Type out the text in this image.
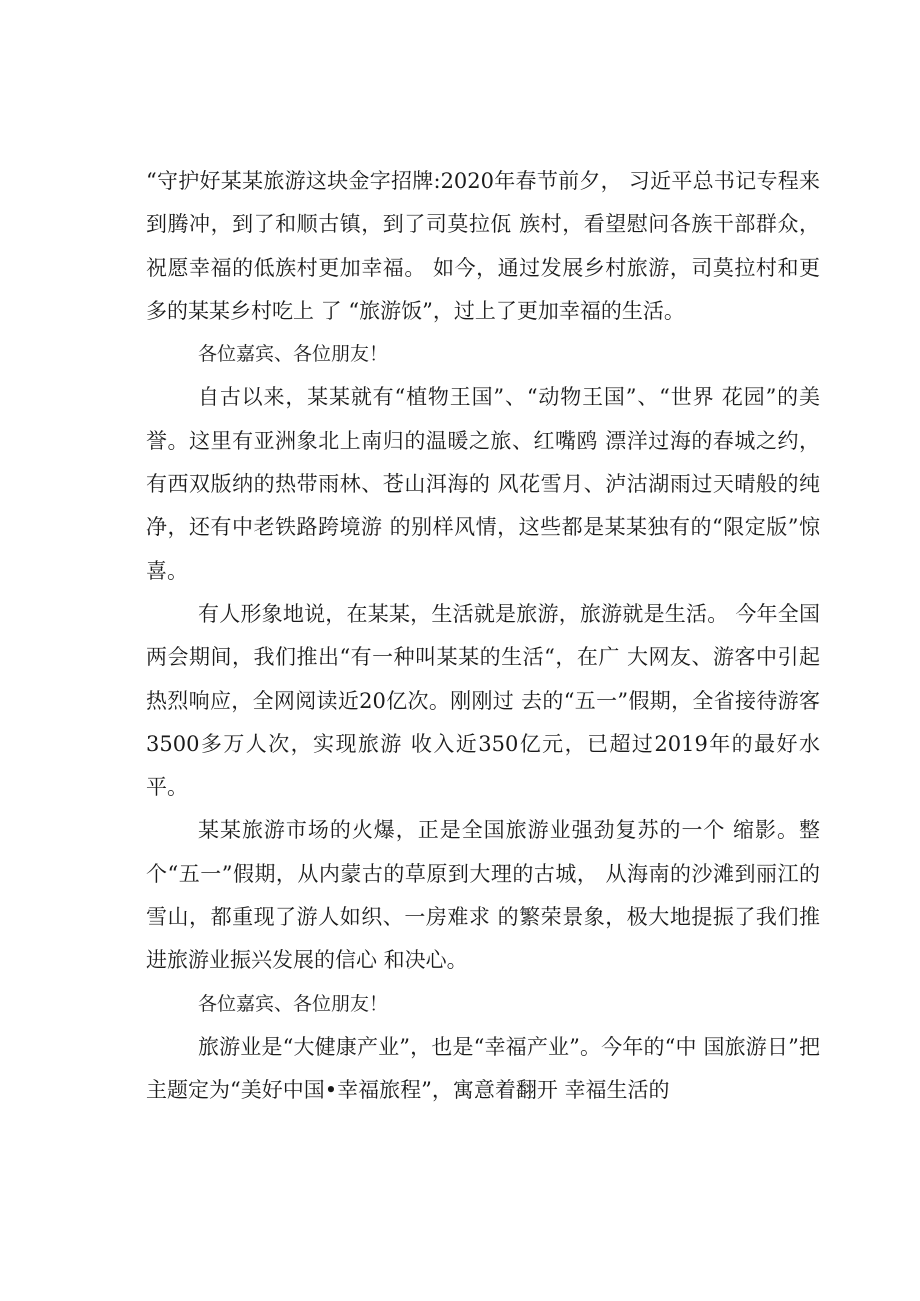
“守护好某某旅游这块金字招牌:2020年春节前夕， 习近平总书记专程来到腾冲，到了和顺古镇，到了司莫拉佤 族村，看望慰问各族干部群众，祝愿幸福的低族村更加幸福。 如今，通过发展乡村旅游，司莫拉村和更多的某某乡村吃上 了 “旅游饭”，过上了更加幸福的生活。

各位嘉宾、各位朋友！

自古以来，某某就有“植物王国”、“动物王国”、“世界 花园”的美誉。这里有亚洲象北上南归的温暖之旅、红嘴鸥 漂洋过海的春城之约，有西双版纳的热带雨林、苍山洱海的 风花雪月、泸沽湖雨过天晴般的纯净，还有中老铁路跨境游 的别样风情，这些都是某某独有的“限定版”惊喜。

有人形象地说，在某某，生活就是旅游，旅游就是生活。 今年全国两会期间，我们推出“有一种叫某某的生活“，在广 大网友、游客中引起热烈响应，全网阅读近20亿次。刚刚过 去的“五一”假期，全省接待游客3500多万人次，实现旅游 收入近350亿元，已超过2019年的最好水平。

某某旅游市场的火爆，正是全国旅游业强劲复苏的一个 缩影。整个“五一”假期，从内蒙古的草原到大理的古城， 从海南的沙滩到丽江的雪山，都重现了游人如织、一房难求 的繁荣景象，极大地提振了我们推进旅游业振兴发展的信心 和决心。

各位嘉宾、各位朋友！

旅游业是“大健康产业”，也是“幸福产业”。今年的“中 国旅游日”把主题定为“美好中国•幸福旅程”，寓意着翻开 幸福生活的
